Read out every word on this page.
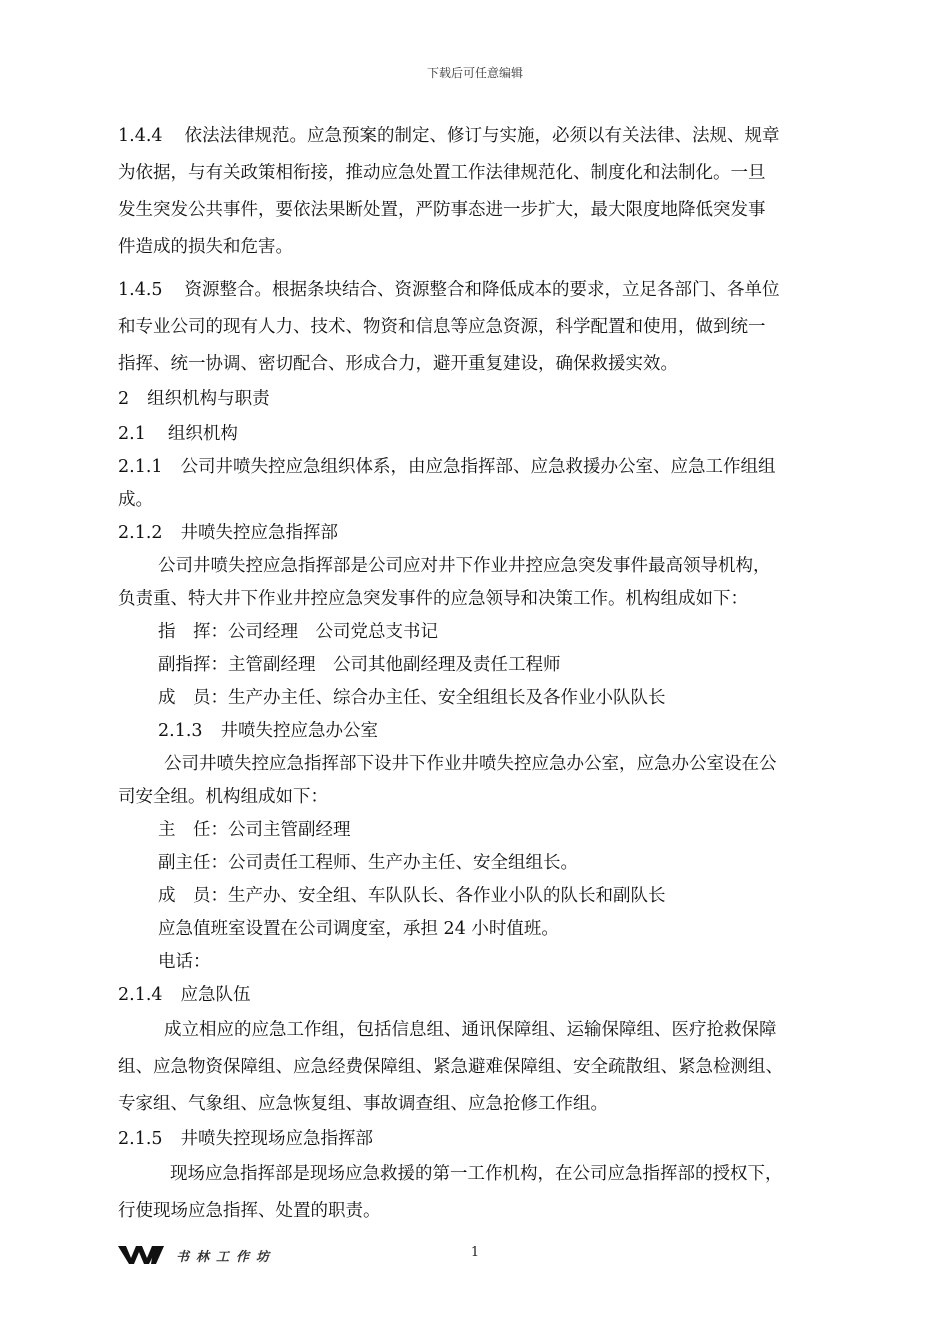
下载后可任意编辑
1.4.4 依法法律规范。应急预案的制定、修订与实施，必须以有关法律、法规、规章
为依据，与有关政策相衔接，推动应急处置工作法律规范化、制度化和法制化。一旦
发生突发公共事件，要依法果断处置，严防事态进一步扩大，最大限度地降低突发事
件造成的损失和危害。
1.4.5 资源整合。根据条块结合、资源整合和降低成本的要求，立足各部门、各单位
和专业公司的现有人力、技术、物资和信息等应急资源，科学配置和使用，做到统一
指挥、统一协调、密切配合、形成合力，避开重复建设，确保救援实效。
2 组织机构与职责
2.1 组织机构
2.1.1 公司井喷失控应急组织体系，由应急指挥部、应急救援办公室、应急工作组组
成。
2.1.2 井喷失控应急指挥部
公司井喷失控应急指挥部是公司应对井下作业井控应急突发事件最高领导机构，
负责重、特大井下作业井控应急突发事件的应急领导和决策工作。机构组成如下：
指　挥：公司经理　公司党总支书记
副指挥：主管副经理　公司其他副经理及责任工程师
成　员：生产办主任、综合办主任、安全组组长及各作业小队队长
2.1.3 井喷失控应急办公室
公司井喷失控应急指挥部下设井下作业井喷失控应急办公室，应急办公室设在公
司安全组。机构组成如下：
主　任：公司主管副经理
副主任：公司责任工程师、生产办主任、安全组组长。
成　员：生产办、安全组、车队队长、各作业小队的队长和副队长
应急值班室设置在公司调度室，承担 24 小时值班。
电话：
2.1.4 应急队伍
成立相应的应急工作组，包括信息组、通讯保障组、运输保障组、医疗抢救保障
组、应急物资保障组、应急经费保障组、紧急避难保障组、安全疏散组、紧急检测组、
专家组、气象组、应急恢复组、事故调查组、应急抢修工作组。
2.1.5 井喷失控现场应急指挥部
现场应急指挥部是现场应急救援的第一工作机构，在公司应急指挥部的授权下，
行使现场应急指挥、处置的职责。
书林工作坊	1
